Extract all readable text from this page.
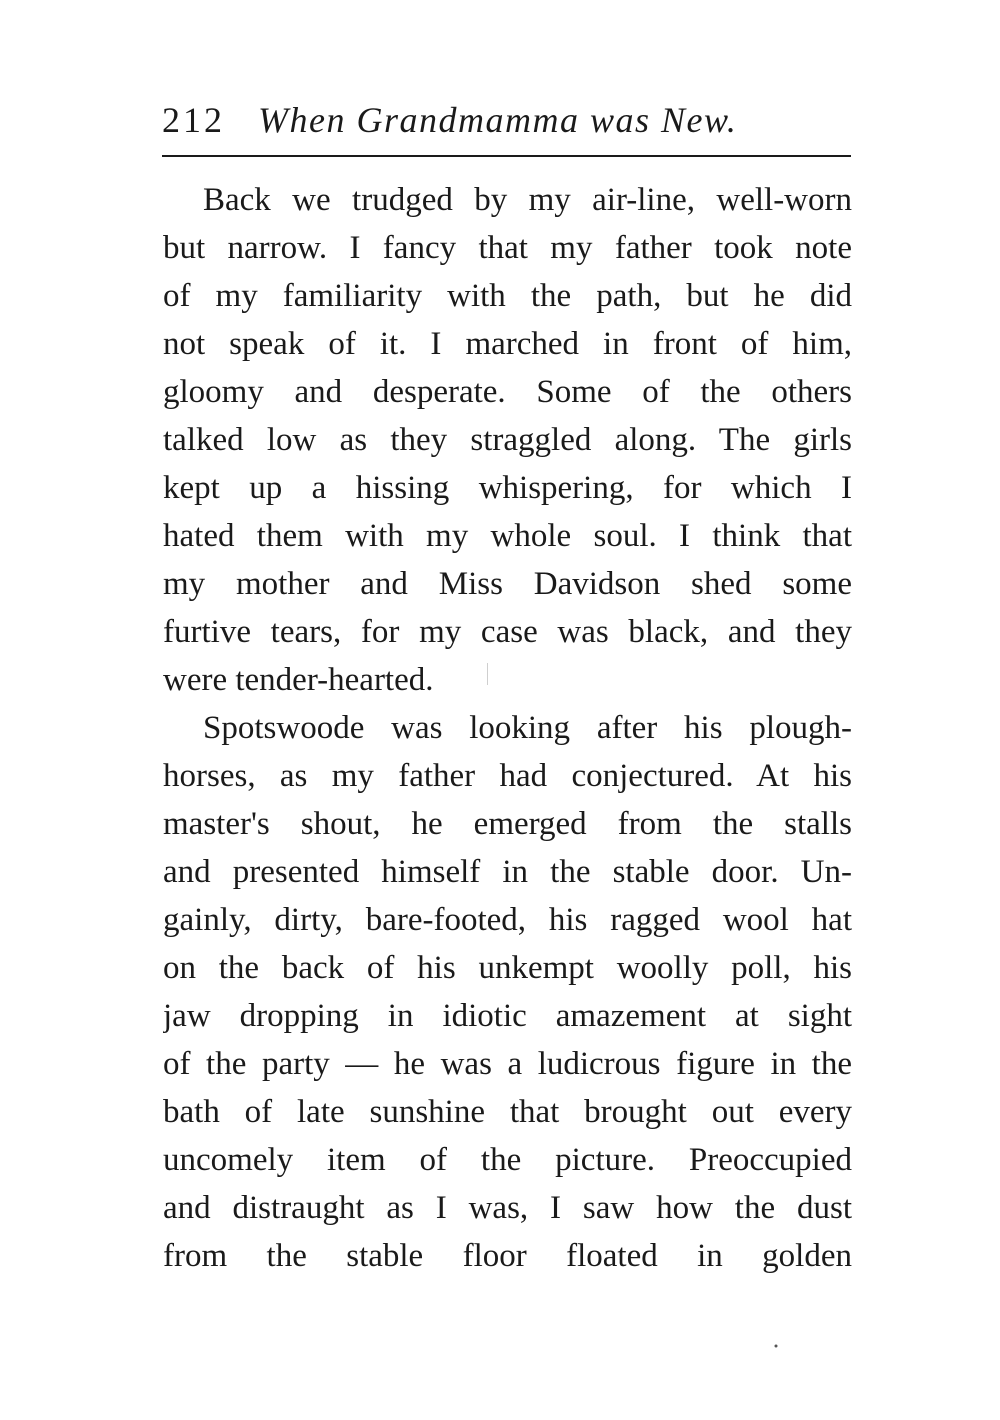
212 When Grandmamma was New.
Back we trudged by my air-line, well-worn
but narrow. I fancy that my father took note
of my familiarity with the path, but he did
not speak of it. I marched in front of him,
gloomy and desperate. Some of the others
talked low as they straggled along. The girls
kept up a hissing whispering, for which I
hated them with my whole soul. I think that
my mother and Miss Davidson shed some
furtive tears, for my case was black, and they
were tender-hearted.
Spotswoode was looking after his plough-
horses, as my father had conjectured. At his
master's shout, he emerged from the stalls
and presented himself in the stable door. Un-
gainly, dirty, bare-footed, his ragged wool hat
on the back of his unkempt woolly poll, his
jaw dropping in idiotic amazement at sight
of the party — he was a ludicrous figure in the
bath of late sunshine that brought out every
uncomely item of the picture. Preoccupied
and distraught as I was, I saw how the dust
from the stable floor floated in golden
